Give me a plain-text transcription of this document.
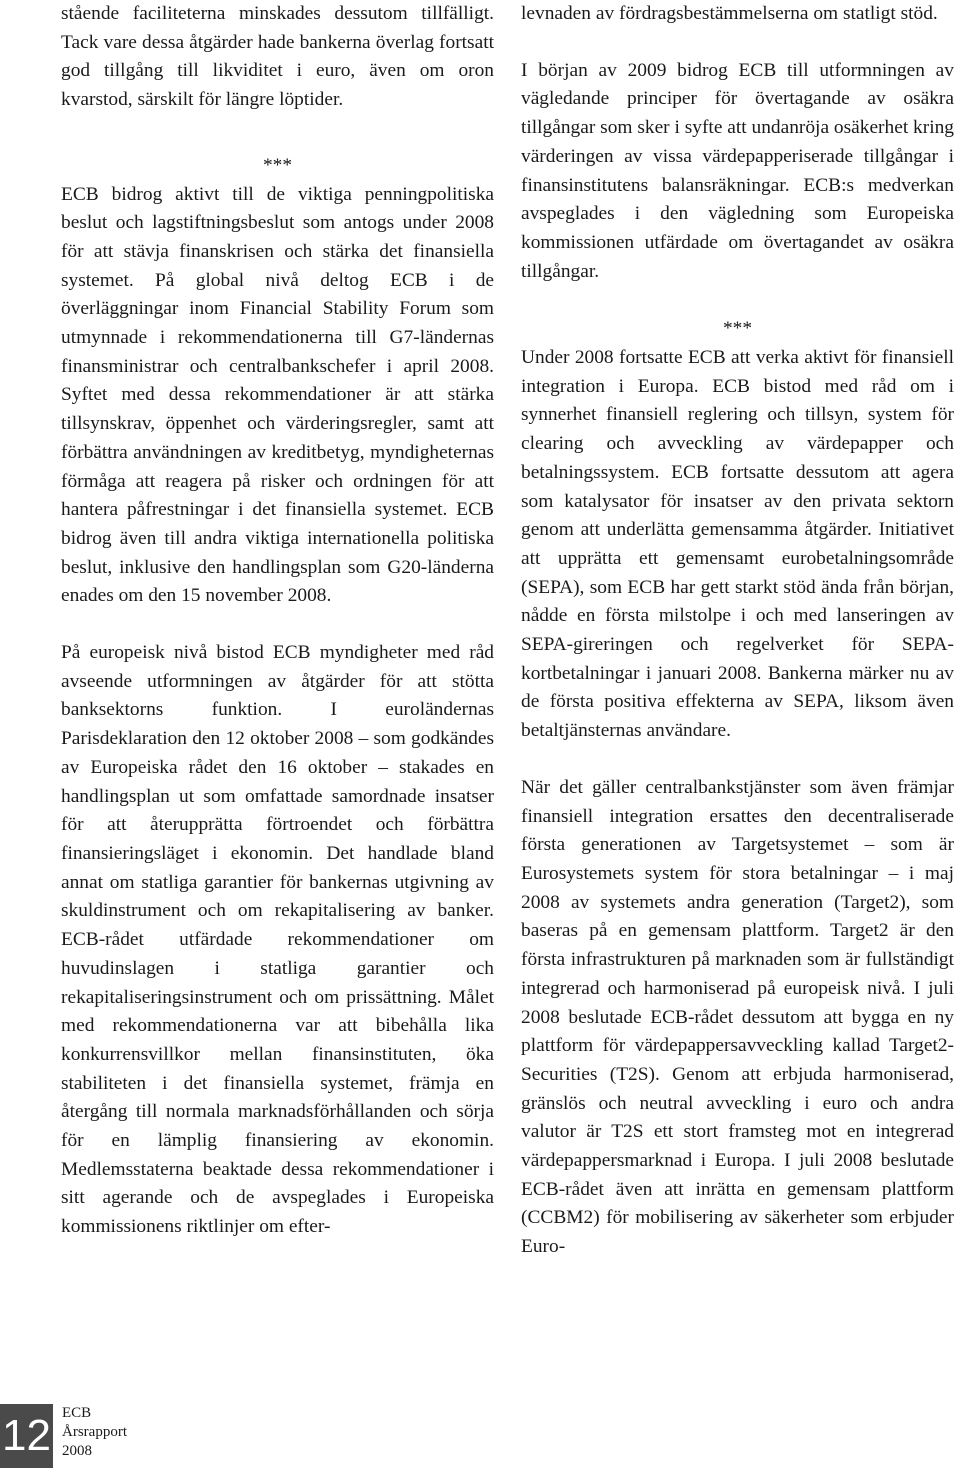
stående faciliteterna minskades dessutom tillfälligt. Tack vare dessa åtgärder hade bankerna överlag fortsatt god tillgång till likviditet i euro, även om oron kvarstod, särskilt för längre löptider.

***

ECB bidrog aktivt till de viktiga penningpolitiska beslut och lagstiftningsbeslut som antogs under 2008 för att stävja finanskrisen och stärka det finansiella systemet. På global nivå deltog ECB i de överläggningar inom Financial Stability Forum som utmynnade i rekommendationerna till G7-ländernas finansministrar och centralbankschefer i april 2008. Syftet med dessa rekommendationer är att stärka tillsynskrav, öppenhet och värderingsregler, samt att förbättra användningen av kreditbetyg, myndigheternas förmåga att reagera på risker och ordningen för att hantera påfrestningar i det finansiella systemet. ECB bidrog även till andra viktiga internationella politiska beslut, inklusive den handlingsplan som G20-länderna enades om den 15 november 2008.

På europeisk nivå bistod ECB myndigheter med råd avseende utformningen av åtgärder för att stötta banksektorns funktion. I euroländernas Parisdeklaration den 12 oktober 2008 – som godkändes av Europeiska rådet den 16 oktober – stakades en handlingsplan ut som omfattade samordnade insatser för att återupprätta förtroendet och förbättra finansieringsläget i ekonomin. Det handlade bland annat om statliga garantier för bankernas utgivning av skuldinstrument och om rekapitalisering av banker. ECB-rådet utfärdade rekommendationer om huvudinslagen i statliga garantier och rekapitaliseringsinstrument och om prissättning. Målet med rekommendationerna var att bibehålla lika konkurrensvillkor mellan finansinstituten, öka stabiliteten i det finansiella systemet, främja en återgång till normala marknadsförhållanden och sörja för en lämplig finansiering av ekonomin. Medlemsstaterna beaktade dessa rekommendationer i sitt agerande och de avspeglades i Europeiska kommissionens riktlinjer om efter-

levnaden av fördragsbestämmelserna om statligt stöd.

I början av 2009 bidrog ECB till utformningen av vägledande principer för övertagande av osäkra tillgångar som sker i syfte att undanröja osäkerhet kring värderingen av vissa värdepapperiserade tillgångar i finansinstitutens balansräkningar. ECB:s medverkan avspeglades i den vägledning som Europeiska kommissionen utfärdade om övertagandet av osäkra tillgångar.

***

Under 2008 fortsatte ECB att verka aktivt för finansiell integration i Europa. ECB bistod med råd om i synnerhet finansiell reglering och tillsyn, system för clearing och avveckling av värdepapper och betalningssystem. ECB fortsatte dessutom att agera som katalysator för insatser av den privata sektorn genom att underlätta gemensamma åtgärder. Initiativet att upprätta ett gemensamt eurobetalningsområde (SEPA), som ECB har gett starkt stöd ända från början, nådde en första milstolpe i och med lanseringen av SEPA-gireringen och regelverket för SEPA-kortbetalningar i januari 2008. Bankerna märker nu av de första positiva effekterna av SEPA, liksom även betaltjänsternas användare.

När det gäller centralbankstjänster som även främjar finansiell integration ersattes den decentraliserade första generationen av Targetsystemet – som är Eurosystemets system för stora betalningar – i maj 2008 av systemets andra generation (Target2), som baseras på en gemensam plattform. Target2 är den första infrastrukturen på marknaden som är fullständigt integrerad och harmoniserad på europeisk nivå. I juli 2008 beslutade ECB-rådet dessutom att bygga en ny plattform för värdepappersavveckling kallad Target2-Securities (T2S). Genom att erbjuda harmoniserad, gränslös och neutral avveckling i euro och andra valutor är T2S ett stort framsteg mot en integrerad värdepappersmarknad i Europa. I juli 2008 beslutade ECB-rådet även att inrätta en gemensam plattform (CCBM2) för mobilisering av säkerheter som erbjuder Euro-

12 ECB
Årsrapport
2008
